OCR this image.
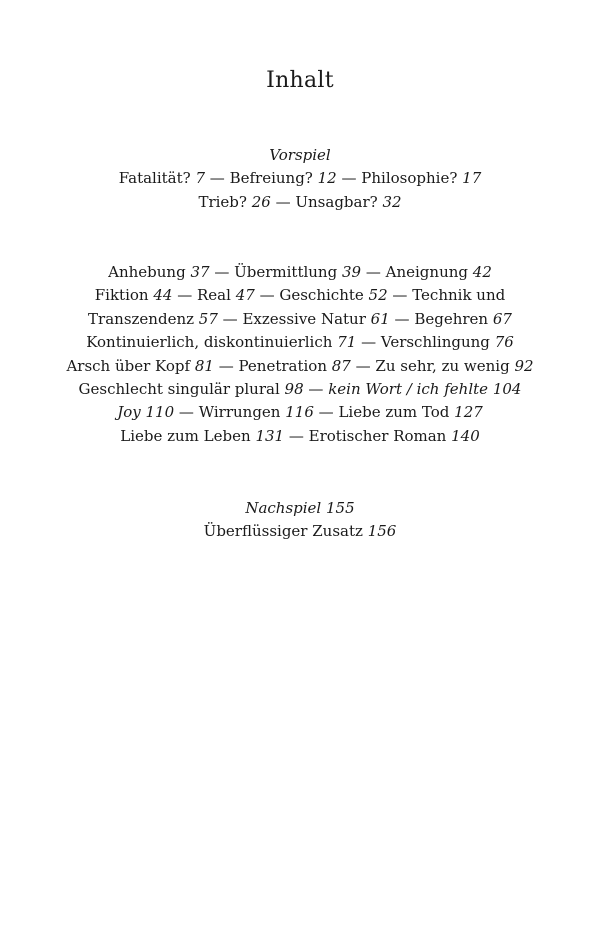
Inhalt
Vorspiel
Fatalität? 7 — Befreiung? 12 — Philosophie? 17
Trieb? 26 — Unsagbar? 32
Anhebung 37 — Übermittlung 39 — Aneignung 42
Fiktion 44 — Real 47 — Geschichte 52 — Technik und
Transzendenz 57 — Exzessive Natur 61 — Begehren 67
Kontinuierlich, diskontinuierlich 71 — Verschlingung 76
Arsch über Kopf 81 — Penetration 87 — Zu sehr, zu wenig 92
Geschlecht singulär plural 98 — kein Wort / ich fehlte 104
Joy 110 — Wirrungen 116 — Liebe zum Tod 127
Liebe zum Leben 131 — Erotischer Roman 140
Nachspiel 155
Überflüssiger Zusatz 156
